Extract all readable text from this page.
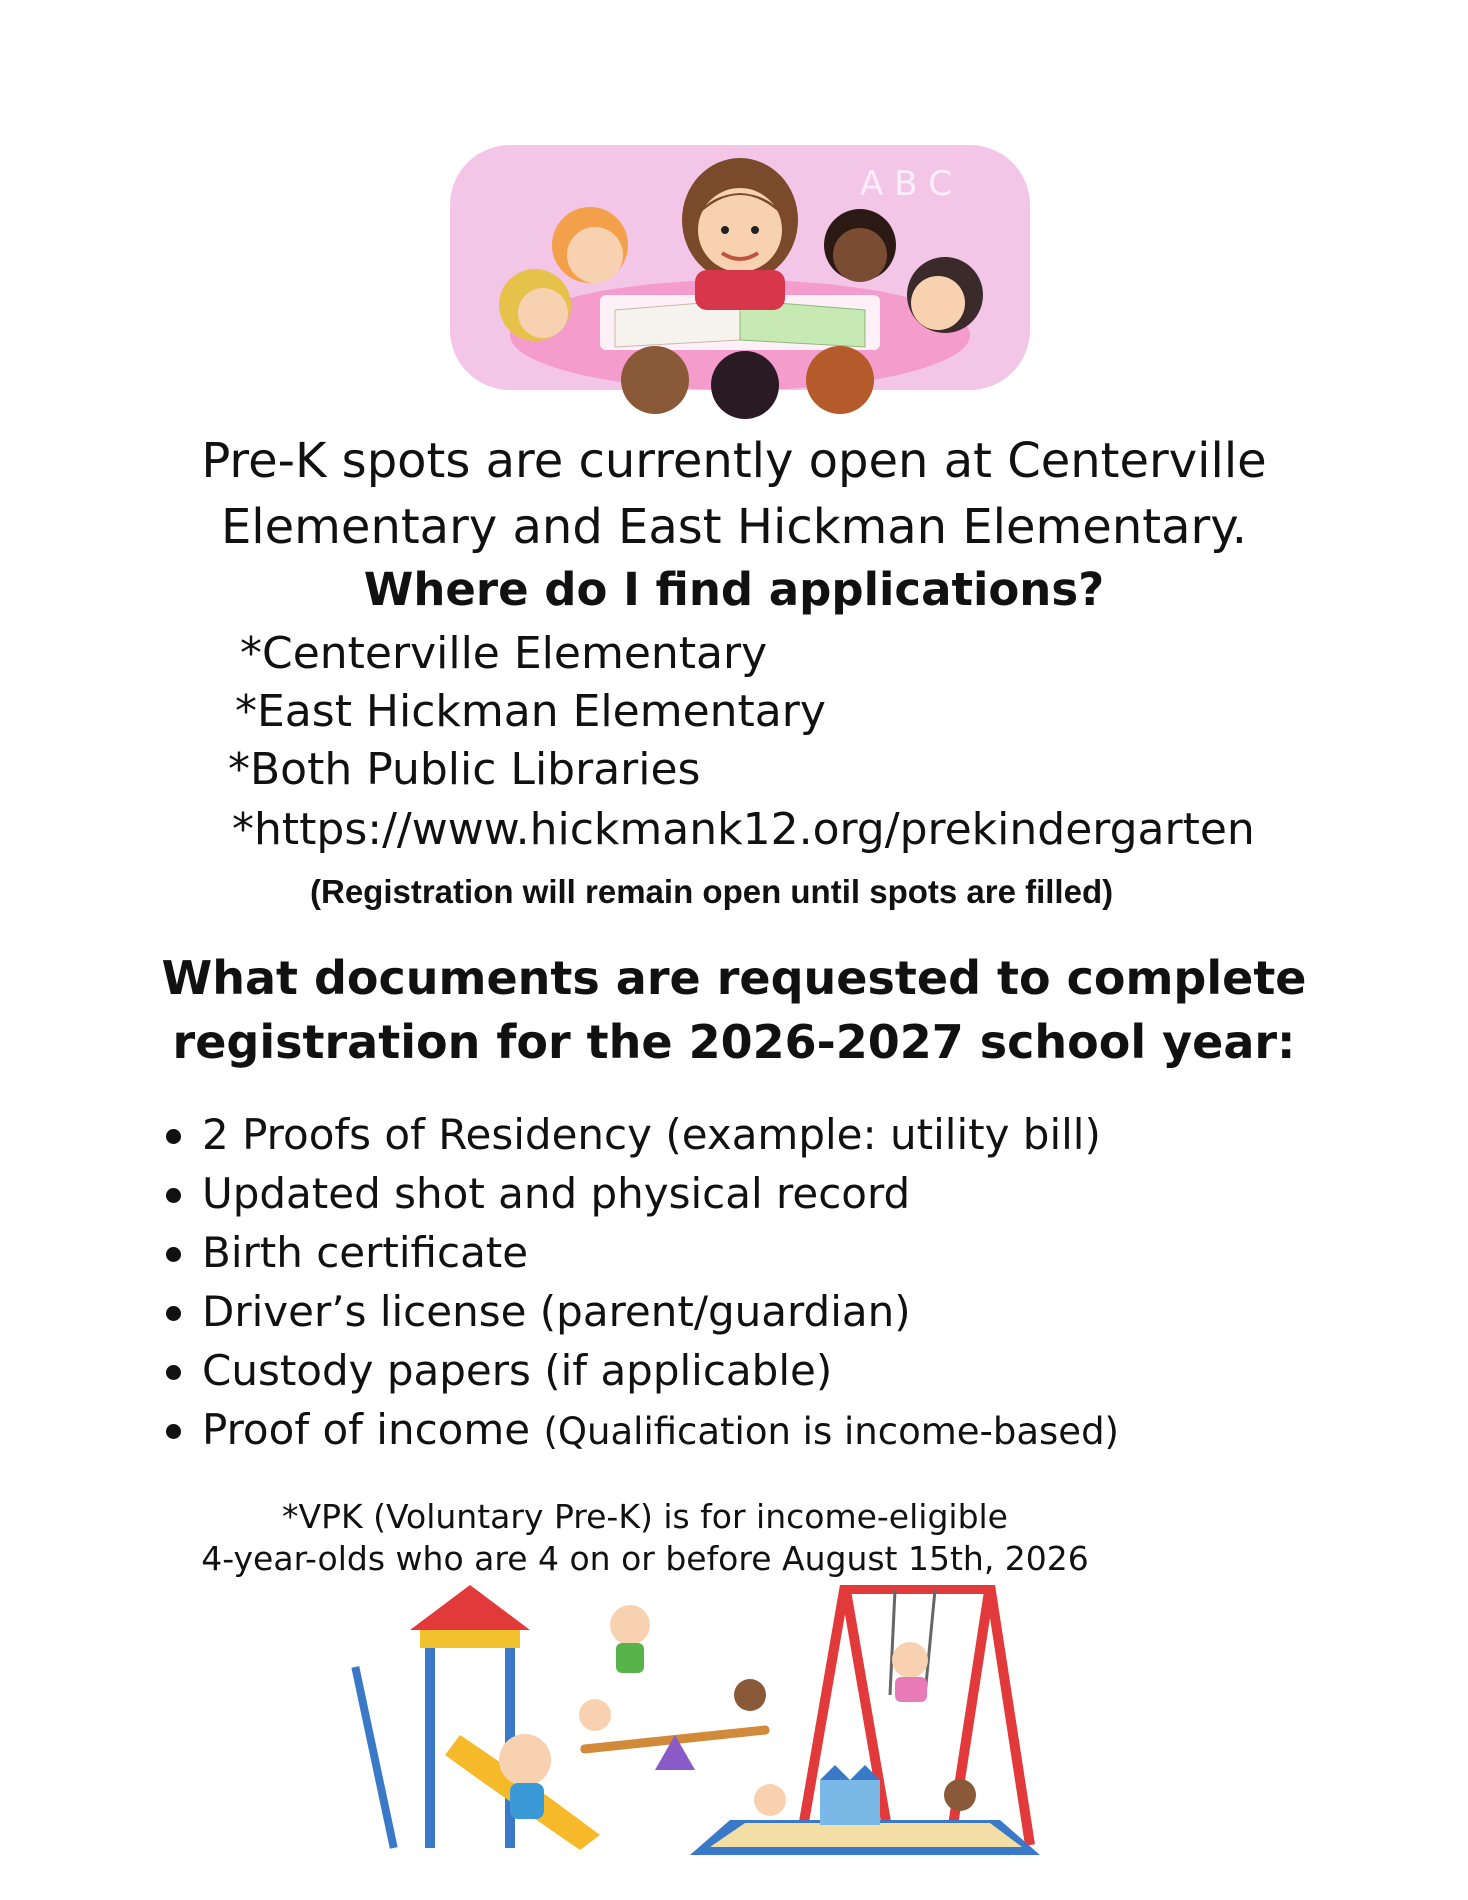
A B C
Pre-K spots are currently open at Centerville
Elementary and East Hickman Elementary.
Where do I find applications?
*Centerville Elementary
*East Hickman Elementary
*Both Public Libraries
*https://www.hickmank12.org/prekindergarten
(Registration will remain open until spots are filled)
What documents are requested to complete
registration for the 2026-2027 school year:
2 Proofs of Residency (example: utility bill)
Updated shot and physical record
Birth certificate
Driver’s license (parent/guardian)
Custody papers (if applicable)
Proof of income (Qualification is income-based)
*VPK (Voluntary Pre-K) is for income-eligible
4-year-olds who are 4 on or before August 15th, 2026
